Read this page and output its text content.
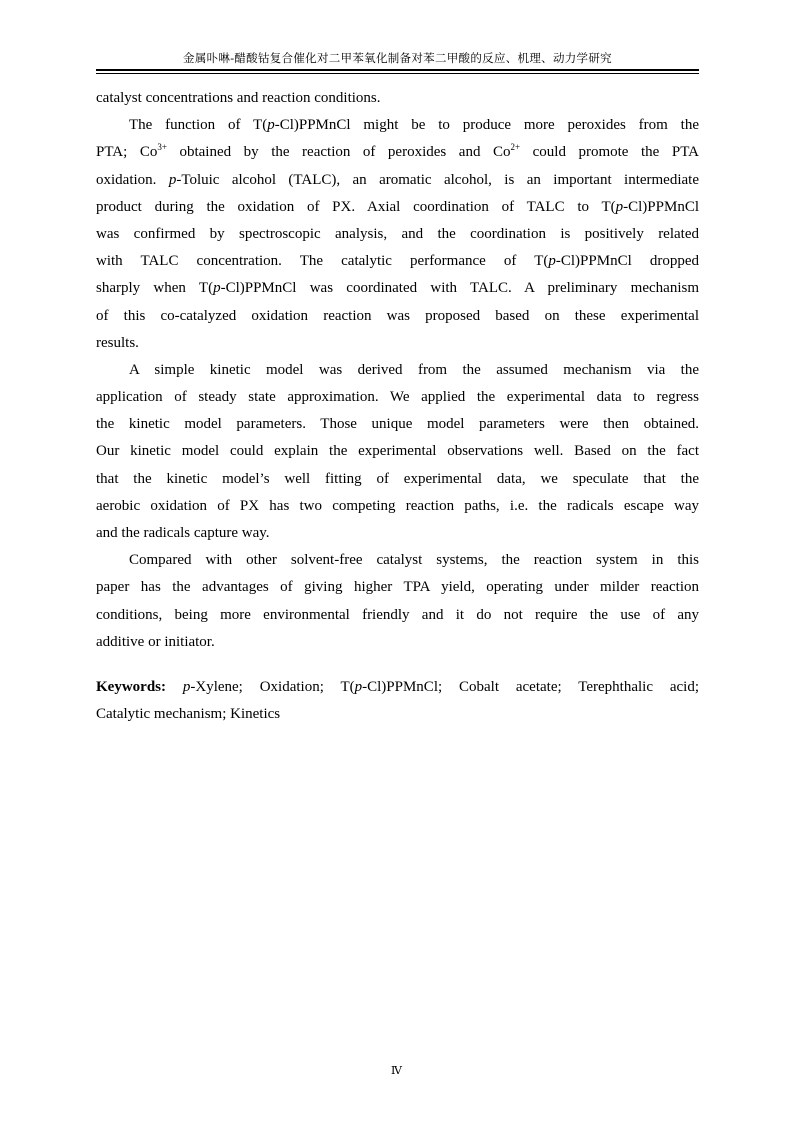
金属卟啉-醋酸钴复合催化对二甲苯氧化制备对苯二甲酸的反应、机理、动力学研究
catalyst concentrations and reaction conditions.
The function of T(p-Cl)PPMnCl might be to produce more peroxides from the
PTA; $Co^{3+}$ obtained by the reaction of peroxides and $Co^{2+}$ could promote the PTA
oxidation. p-Toluic alcohol (TALC), an aromatic alcohol, is an important intermediate
product during the oxidation of PX. Axial coordination of TALC to T(p-Cl)PPMnCl
was confirmed by spectroscopic analysis, and the coordination is positively related
with TALC concentration. The catalytic performance of T(p-Cl)PPMnCl dropped
sharply when T(p-Cl)PPMnCl was coordinated with TALC. A preliminary mechanism
of this co-catalyzed oxidation reaction was proposed based on these experimental
results.
A simple kinetic model was derived from the assumed mechanism via the
application of steady state approximation. We applied the experimental data to regress
the kinetic model parameters. Those unique model parameters were then obtained.
Our kinetic model could explain the experimental observations well. Based on the fact
that the kinetic model’s well fitting of experimental data, we speculate that the
aerobic oxidation of PX has two competing reaction paths, i.e. the radicals escape way
and the radicals capture way.
Compared with other solvent-free catalyst systems, the reaction system in this
paper has the advantages of giving higher TPA yield, operating under milder reaction
conditions, being more environmental friendly and it do not require the use of any
additive or initiator.
Keywords: p-Xylene; Oxidation; T(p-Cl)PPMnCl; Cobalt acetate; Terephthalic acid;
Catalytic mechanism; Kinetics
Ⅳ
